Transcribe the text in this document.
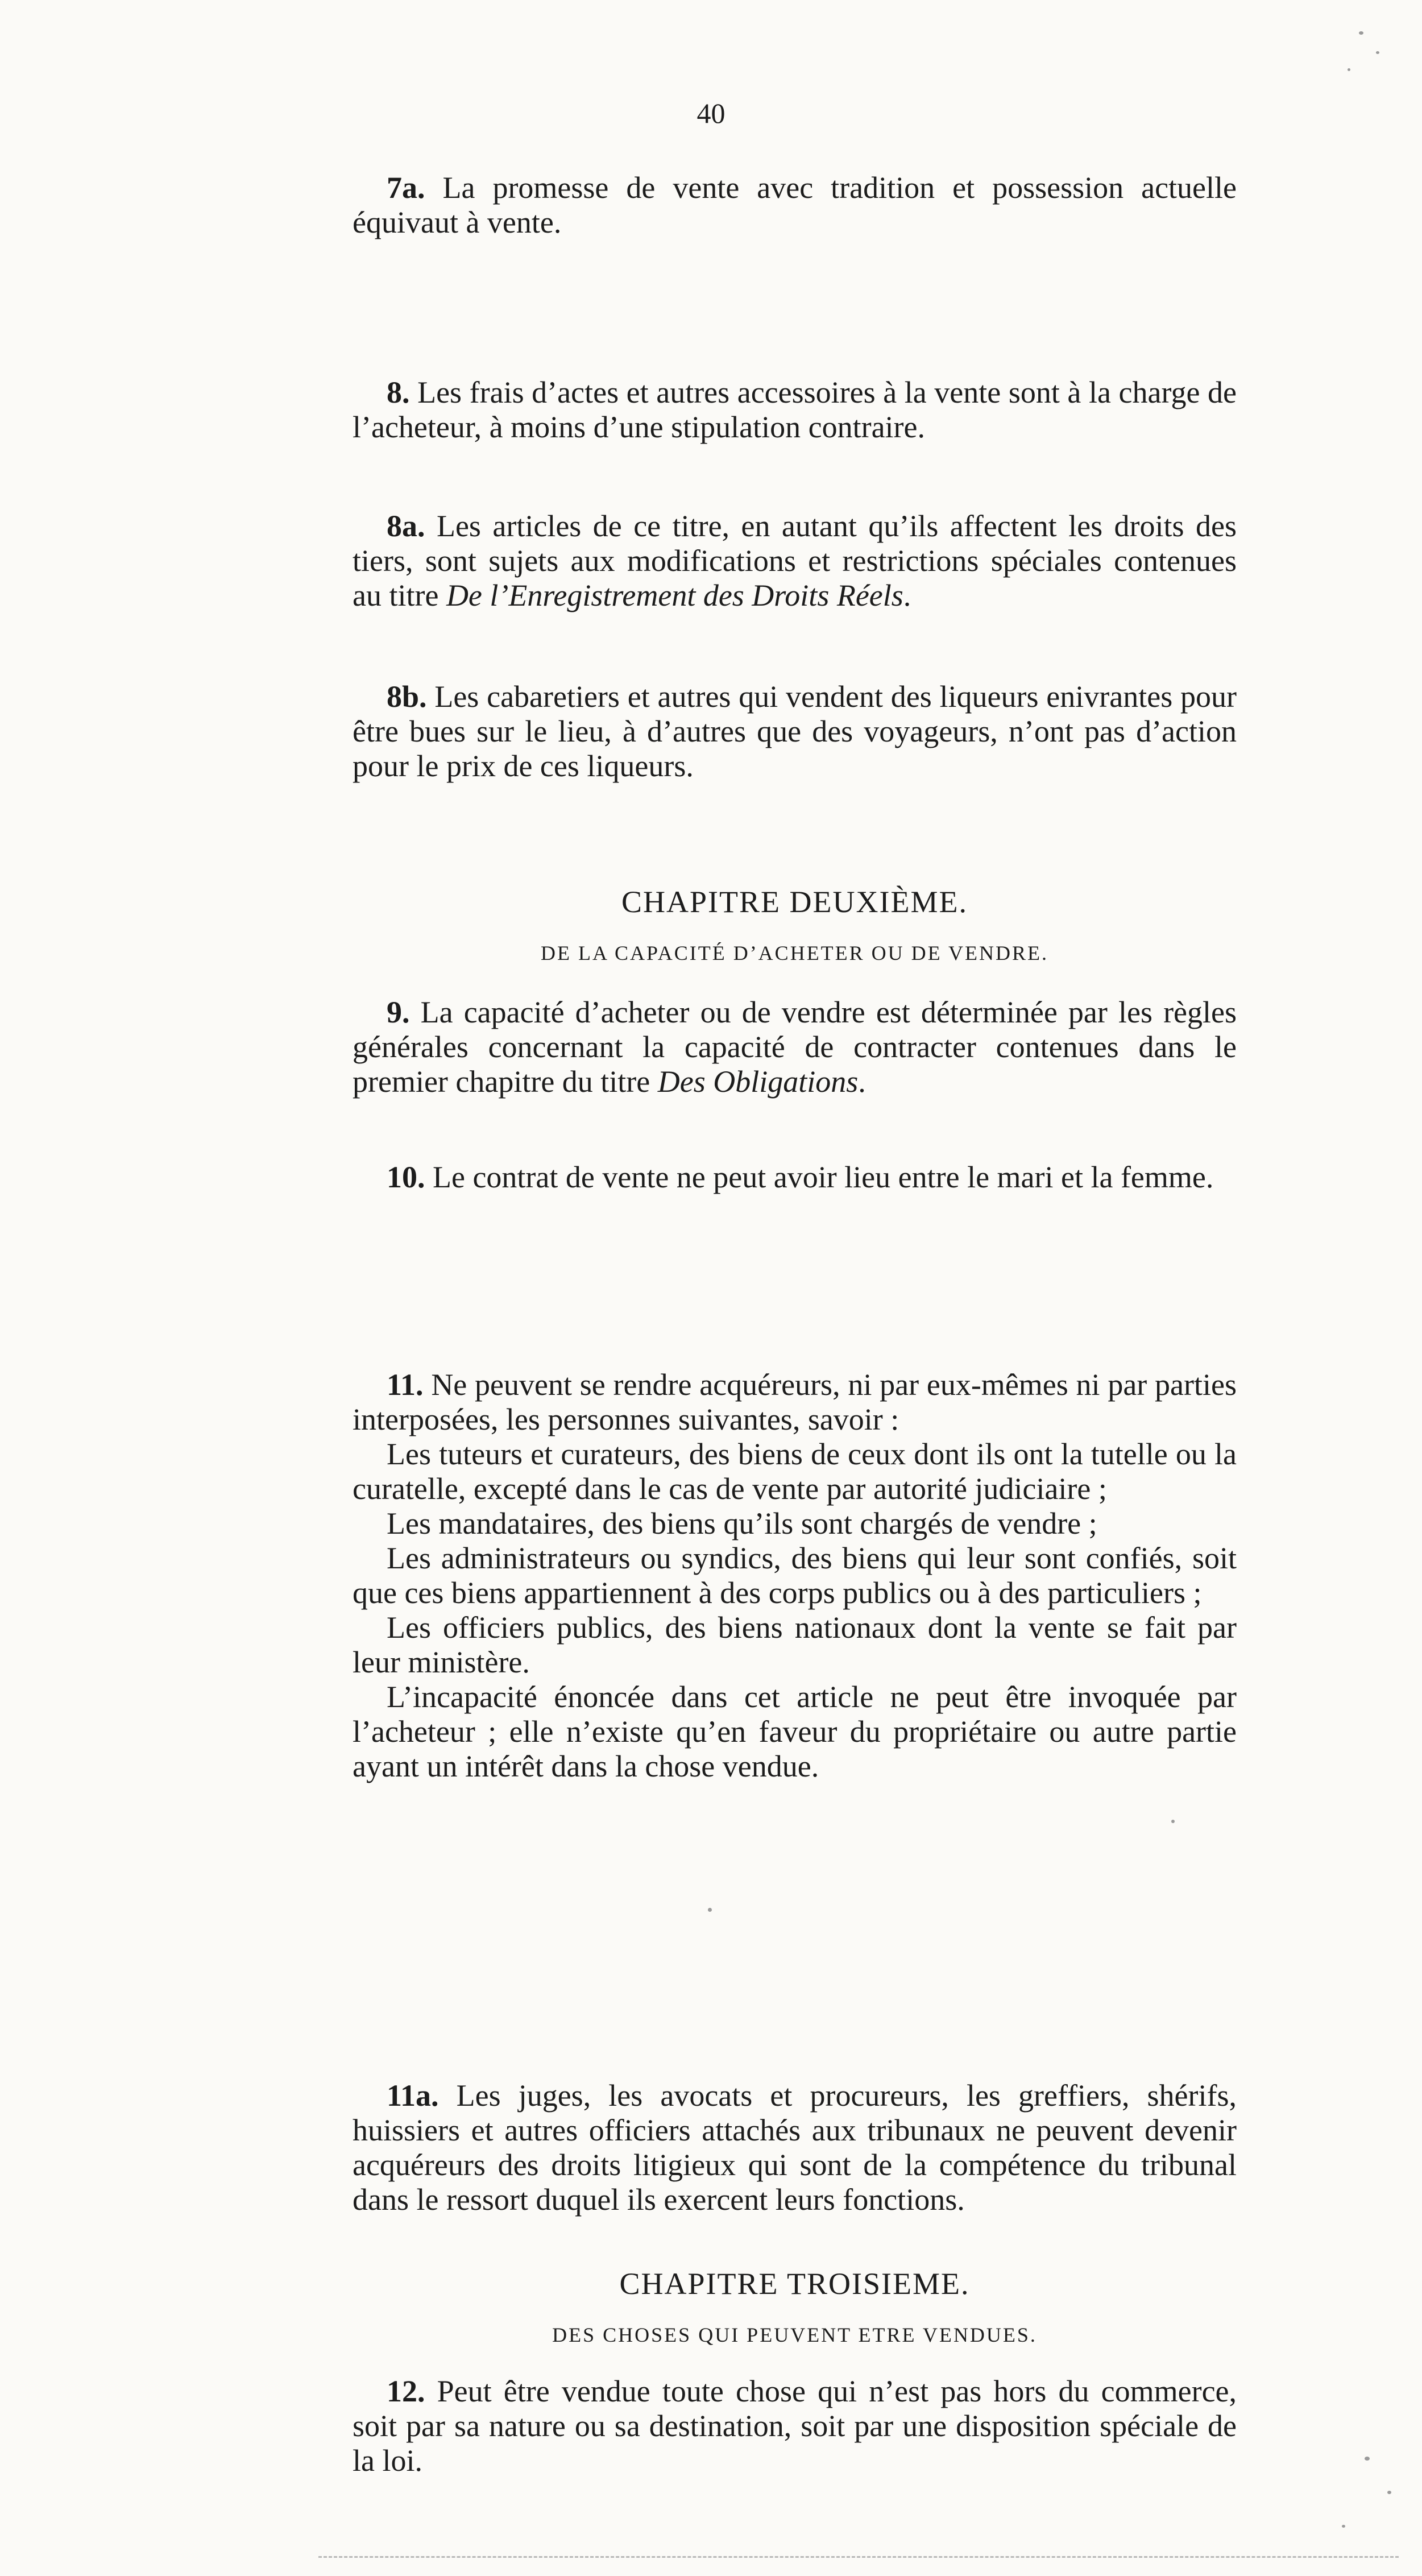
40

7a. La promesse de vente avec tradition et possession actuelle équivaut à vente.

8. Les frais d’actes et autres accessoires à la vente sont à la charge de l’acheteur, à moins d’une stipulation contraire.

8a. Les articles de ce titre, en autant qu’ils affectent les droits des tiers, sont sujets aux modifications et restrictions spéciales contenues au titre De l’Enregistrement des Droits Réels.

8b. Les cabaretiers et autres qui vendent des liqueurs enivrantes pour être bues sur le lieu, à d’autres que des voyageurs, n’ont pas d’action pour le prix de ces liqueurs.

CHAPITRE DEUXIÈME.
DE LA CAPACITÉ D’ACHETER OU DE VENDRE.

9. La capacité d’acheter ou de vendre est déterminée par les règles générales concernant la capacité de contracter contenues dans le premier chapitre du titre Des Obligations.

10. Le contrat de vente ne peut avoir lieu entre le mari et la femme.

11. Ne peuvent se rendre acquéreurs, ni par eux-mêmes ni par parties interposées, les personnes suivantes, savoir :
Les tuteurs et curateurs, des biens de ceux dont ils ont la tutelle ou la curatelle, excepté dans le cas de vente par autorité judiciaire ;
Les mandataires, des biens qu’ils sont chargés de vendre ;
Les administrateurs ou syndics, des biens qui leur sont confiés, soit que ces biens appartiennent à des corps publics ou à des particuliers ;
Les officiers publics, des biens nationaux dont la vente se fait par leur ministère.
L’incapacité énoncée dans cet article ne peut être invoquée par l’acheteur ; elle n’existe qu’en faveur du propriétaire ou autre partie ayant un intérêt dans la chose vendue.

11a. Les juges, les avocats et procureurs, les greffiers, shérifs, huissiers et autres officiers attachés aux tribunaux ne peuvent devenir acquéreurs des droits litigieux qui sont de la compétence du tribunal dans le ressort duquel ils exercent leurs fonctions.

CHAPITRE TROISIEME.
DES CHOSES QUI PEUVENT ETRE VENDUES.

12. Peut être vendue toute chose qui n’est pas hors du commerce, soit par sa nature ou sa destination, soit par une disposition spéciale de la loi.
